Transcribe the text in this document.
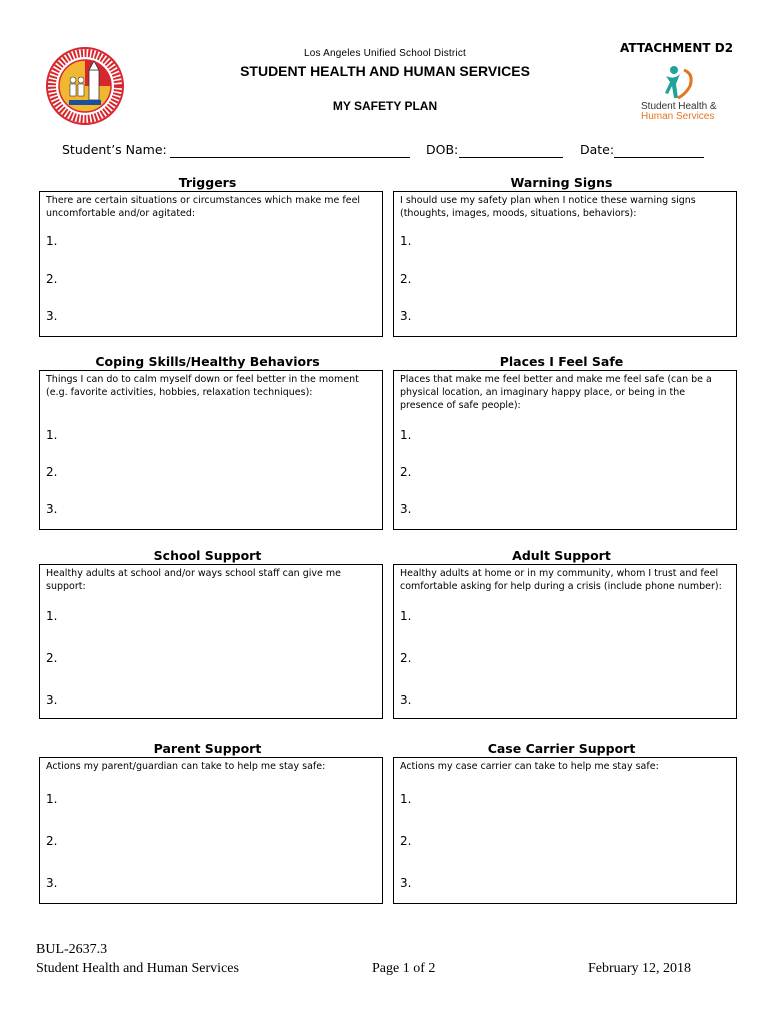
ATTACHMENT D2
Los Angeles Unified School District
STUDENT HEALTH AND HUMAN SERVICES
MY SAFETY PLAN	Student Health &
Human Services
Student’s Name:	DOB:	Date:
Triggers
There are certain situations or circumstances which make me feel uncomfortable and/or agitated:
1.
2.
3.
Warning Signs
I should use my safety plan when I notice these warning signs (thoughts, images, moods, situations, behaviors):
1.
2.
3.
Coping Skills/Healthy Behaviors
Things I can do to calm myself down or feel better in the moment (e.g. favorite activities, hobbies, relaxation techniques):
1.
2.
3.
Places I Feel Safe
Places that make me feel better and make me feel safe (can be a physical location, an imaginary happy place, or being in the presence of safe people):
1.
2.
3.
School Support
Healthy adults at school and/or ways school staff can give me support:
1.
2.
3.
Adult Support
Healthy adults at home or in my community, whom I trust and feel comfortable asking for help during a crisis (include phone number):
1.
2.
3.
Parent Support
Actions my parent/guardian can take to help me stay safe:
1.
2.
3.
Case Carrier Support
Actions my case carrier can take to help me stay safe:
1.
2.
3.
BUL-2637.3
Student Health and Human Services	Page 1 of 2	February 12, 2018
